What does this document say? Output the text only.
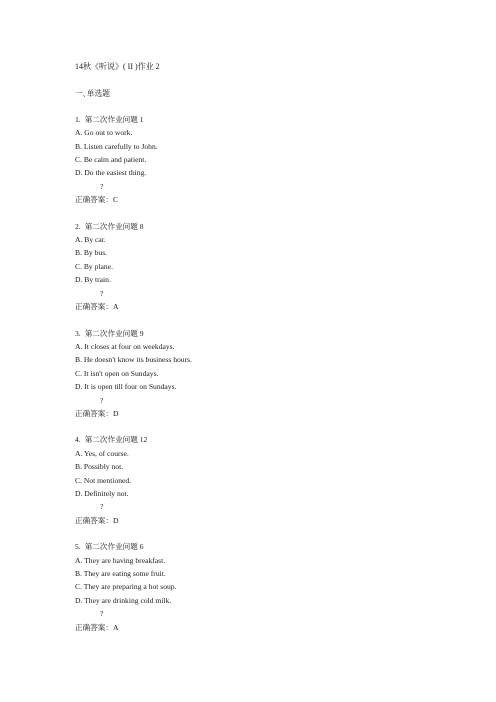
14秋《听说》( II )作业 2
一､单选题
1. 第二次作业问题 1
A. Go out to work.
B. Listen carefully to John.
C. Be calm and patient.
D. Do the easiest thing.
?
正确答案：C
2. 第二次作业问题 8
A. By car.
B. By bus.
C. By plane.
D. By train.
?
正确答案：A
3. 第二次作业问题 9
A. It closes at four on weekdays.
B. He doesn't know its business hours.
C. It isn't open on Sundays.
D. It is open till four on Sundays.
?
正确答案：D
4. 第二次作业问题 12
A. Yes, of course.
B. Possibly not.
C. Not mentioned.
D. Definitely not.
?
正确答案：D
5. 第二次作业问题 6
A. They are having breakfast.
B. They are eating some fruit.
C. They are preparing a hot soup.
D. They are drinking cold milk.
?
正确答案：A
